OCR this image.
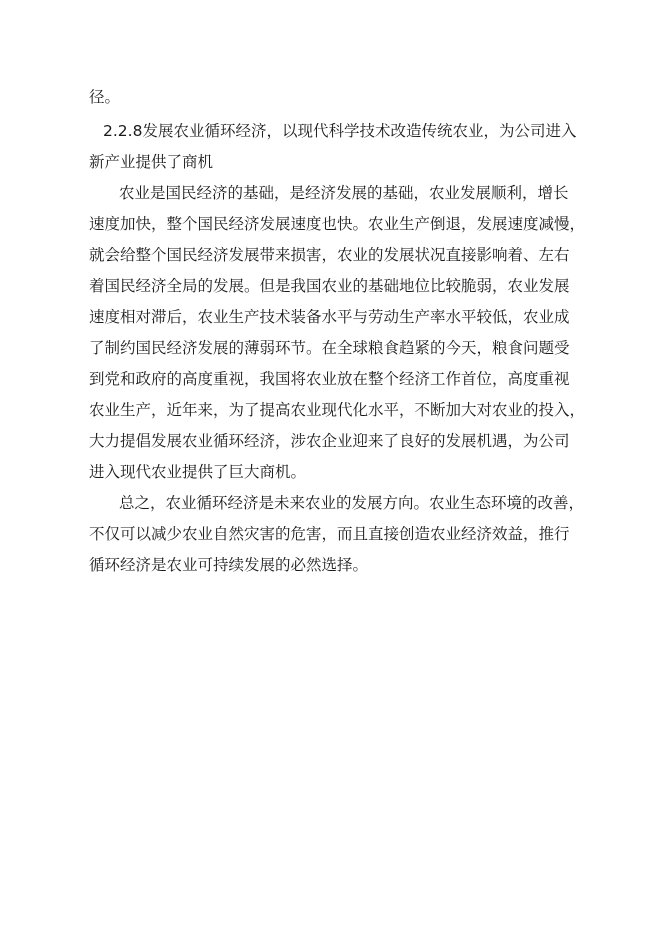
径。
2.2.8发展农业循环经济，以现代科学技术改造传统农业，为公司进入
新产业提供了商机
农业是国民经济的基础，是经济发展的基础，农业发展顺利，增长
速度加快，整个国民经济发展速度也快。农业生产倒退，发展速度减慢，
就会给整个国民经济发展带来损害，农业的发展状况直接影响着、左右
着国民经济全局的发展。但是我国农业的基础地位比较脆弱，农业发展
速度相对滞后，农业生产技术装备水平与劳动生产率水平较低，农业成
了制约国民经济发展的薄弱环节。在全球粮食趋紧的今天，粮食问题受
到党和政府的高度重视，我国将农业放在整个经济工作首位，高度重视
农业生产，近年来，为了提高农业现代化水平，不断加大对农业的投入，
大力提倡发展农业循环经济，涉农企业迎来了良好的发展机遇，为公司
进入现代农业提供了巨大商机。
总之，农业循环经济是未来农业的发展方向。农业生态环境的改善，
不仅可以减少农业自然灾害的危害，而且直接创造农业经济效益，推行
循环经济是农业可持续发展的必然选择。
